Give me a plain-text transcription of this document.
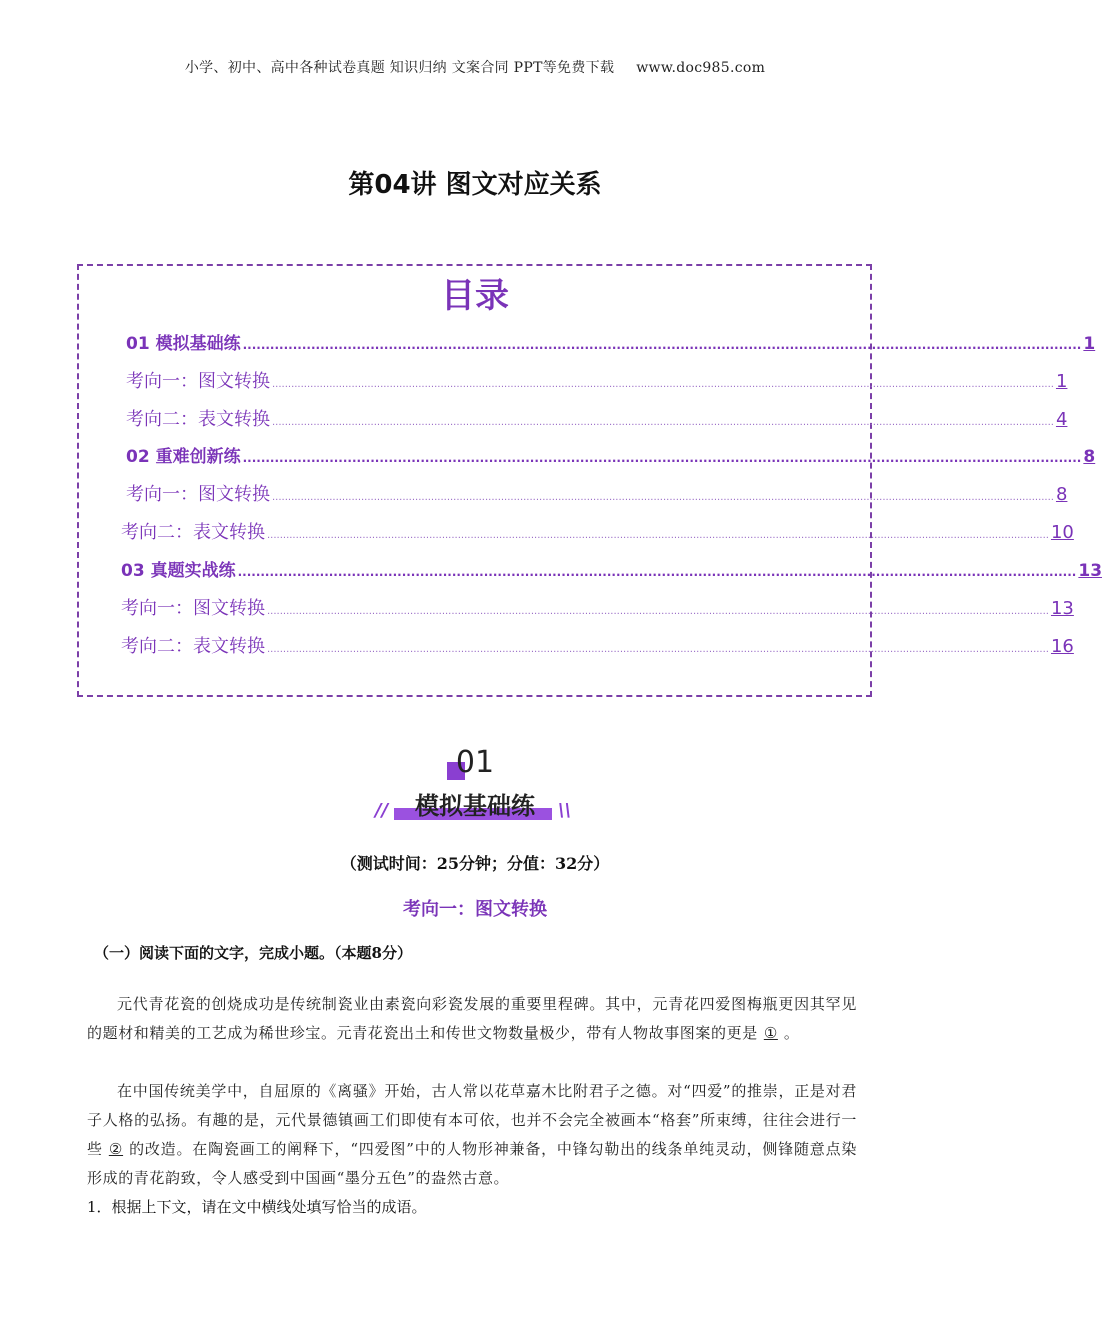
小学、初中、高中各种试卷真题 知识归纳 文案合同 PPT等免费下载 www.doc985.com
第04讲 图文对应关系
目录
01 模拟基础练 ........................................................................................................................................................................................ 1
考向一：图文转换 ...................................................................................................................................................................................................................................................... 1
考向二：表文转换 ...................................................................................................................................................................................................................................................... 4
02 重难创新练 ........................................................................................................................................................................................ 8
考向一：图文转换 ...................................................................................................................................................................................................................................................... 8
考向二：表文转换 ...................................................................................................................................................................................................................................................... 10
03 真题实战练 ........................................................................................................................................................................................ 13
考向一：图文转换 ...................................................................................................................................................................................................................................................... 13
考向二：表文转换 ...................................................................................................................................................................................................................................................... 16
01
//	\\
模拟基础练
（测试时间：25分钟；分值：32分）
考向一：图文转换
（一）阅读下面的文字，完成小题。（本题8分）
元代青花瓷的创烧成功是传统制瓷业由素瓷向彩瓷发展的重要里程碑。其中，元青花四爱图梅瓶更因其罕见的题材和精美的工艺成为稀世珍宝。元青花瓷出土和传世文物数量极少，带有人物故事图案的更是 ① 。
在中国传统美学中，自屈原的《离骚》开始，古人常以花草嘉木比附君子之德。对“四爱”的推崇，正是对君子人格的弘扬。有趣的是，元代景德镇画工们即使有本可依，也并不会完全被画本“格套”所束缚，往往会进行一些 ② 的改造。在陶瓷画工的阐释下，“四爱图”中的人物形神兼备，中锋勾勒出的线条单纯灵动，侧锋随意点染形成的青花韵致，令人感受到中国画“墨分五色”的盎然古意。
1．根据上下文，请在文中横线处填写恰当的成语。
